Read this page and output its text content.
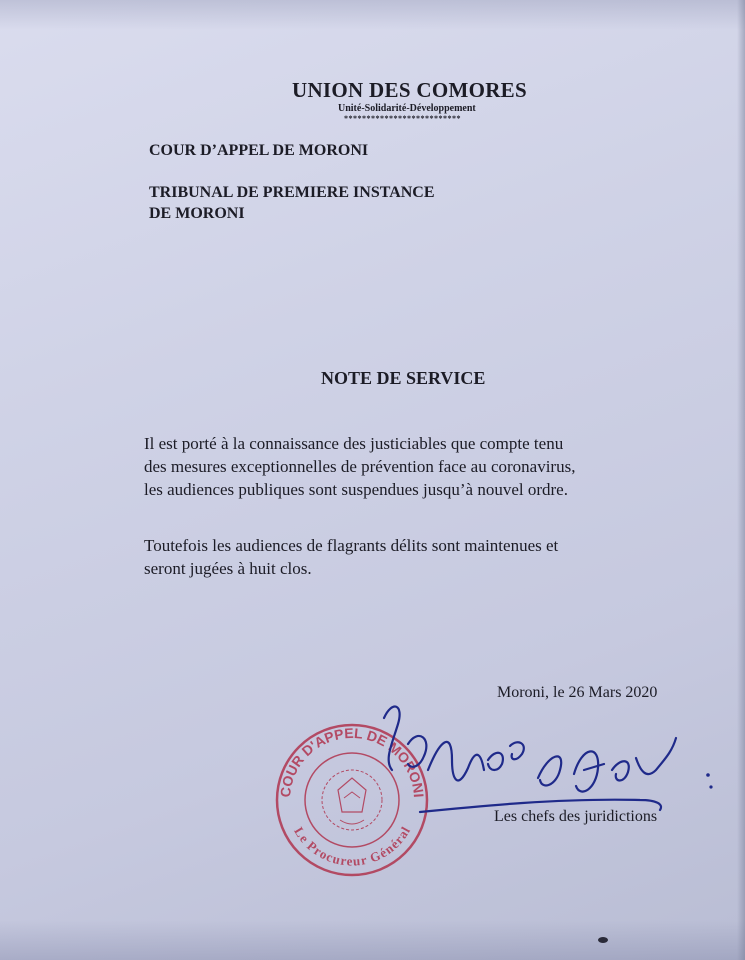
UNION DES COMORES
Unité-Solidarité-Développement
**************************
COUR D’APPEL DE MORONI
TRIBUNAL DE PREMIERE INSTANCE
DE MORONI
NOTE DE SERVICE
Il est porté à la connaissance des justiciables que compte tenu
des mesures exceptionnelles de prévention face au coronavirus,
les audiences publiques sont suspendues jusqu’à nouvel ordre.
Toutefois les audiences de flagrants délits sont maintenues et
seront jugées à huit clos.
Moroni, le 26 Mars 2020
COUR D'APPEL DE MORONI
Le Procureur Général
Les chefs des juridictions
